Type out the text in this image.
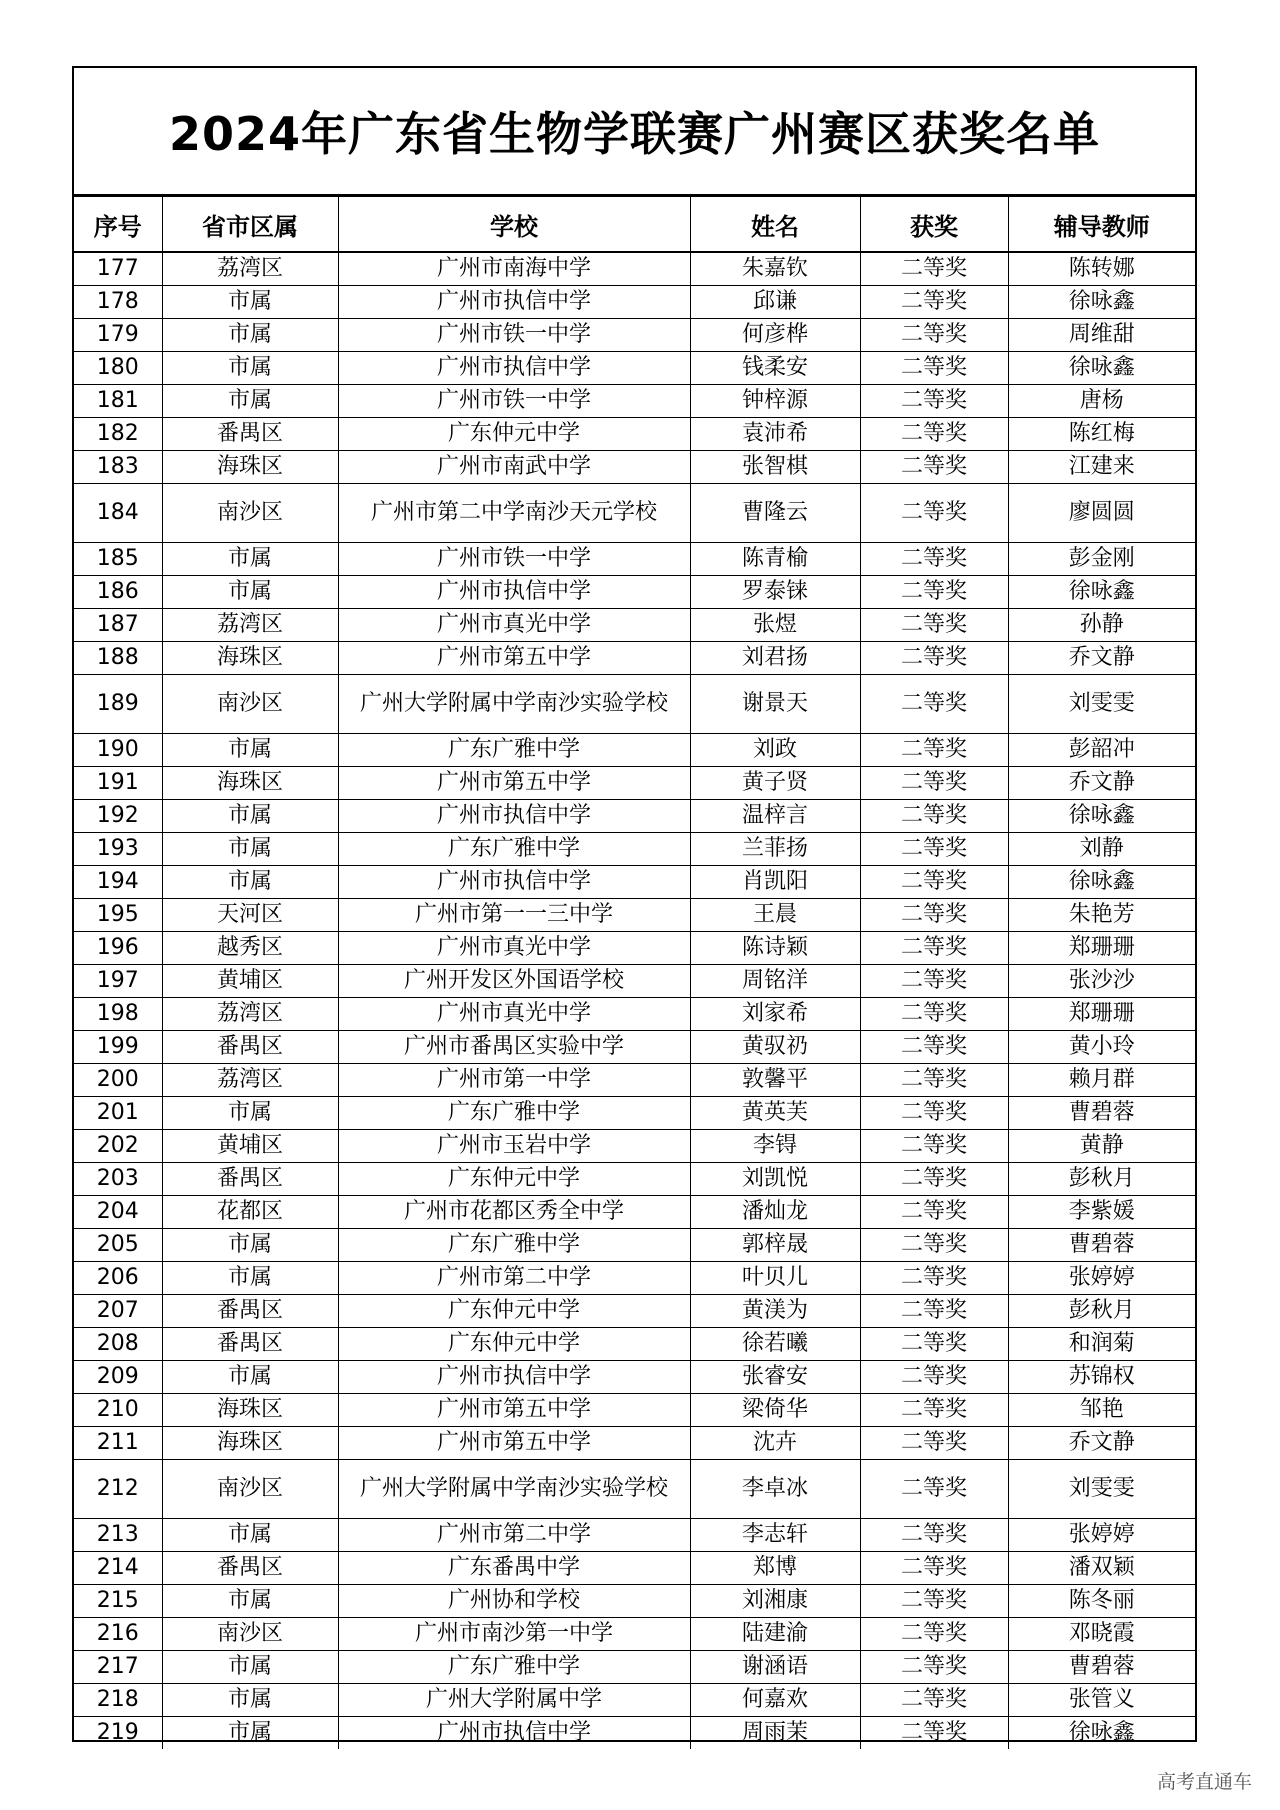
2024年广东省生物学联赛广州赛区获奖名单
序号	省市区属	学校	姓名	获奖	辅导教师
177	荔湾区	广州市南海中学	朱嘉钦	二等奖	陈转娜
178	市属	广州市执信中学	邱谦	二等奖	徐咏鑫
179	市属	广州市铁一中学	何彦桦	二等奖	周维甜
180	市属	广州市执信中学	钱柔安	二等奖	徐咏鑫
181	市属	广州市铁一中学	钟梓源	二等奖	唐杨
182	番禺区	广东仲元中学	袁沛希	二等奖	陈红梅
183	海珠区	广州市南武中学	张智棋	二等奖	江建来
184	南沙区	广州市第二中学南沙天元学校	曹隆云	二等奖	廖圆圆
185	市属	广州市铁一中学	陈青榆	二等奖	彭金刚
186	市属	广州市执信中学	罗泰铼	二等奖	徐咏鑫
187	荔湾区	广州市真光中学	张煜	二等奖	孙静
188	海珠区	广州市第五中学	刘君扬	二等奖	乔文静
189	南沙区	广州大学附属中学南沙实验学校	谢景天	二等奖	刘雯雯
190	市属	广东广雅中学	刘政	二等奖	彭韶冲
191	海珠区	广州市第五中学	黄子贤	二等奖	乔文静
192	市属	广州市执信中学	温梓言	二等奖	徐咏鑫
193	市属	广东广雅中学	兰菲扬	二等奖	刘静
194	市属	广州市执信中学	肖凯阳	二等奖	徐咏鑫
195	天河区	广州市第一一三中学	王晨	二等奖	朱艳芳
196	越秀区	广州市真光中学	陈诗颖	二等奖	郑珊珊
197	黄埔区	广州开发区外国语学校	周铭洋	二等奖	张沙沙
198	荔湾区	广州市真光中学	刘家希	二等奖	郑珊珊
199	番禺区	广州市番禺区实验中学	黄驭礽	二等奖	黄小玲
200	荔湾区	广州市第一中学	敦馨平	二等奖	赖月群
201	市属	广东广雅中学	黄英芙	二等奖	曹碧蓉
202	黄埔区	广州市玉岩中学	李锝	二等奖	黄静
203	番禺区	广东仲元中学	刘凯悦	二等奖	彭秋月
204	花都区	广州市花都区秀全中学	潘灿龙	二等奖	李紫媛
205	市属	广东广雅中学	郭梓晟	二等奖	曹碧蓉
206	市属	广州市第二中学	叶贝儿	二等奖	张婷婷
207	番禺区	广东仲元中学	黄渼为	二等奖	彭秋月
208	番禺区	广东仲元中学	徐若曦	二等奖	和润菊
209	市属	广州市执信中学	张睿安	二等奖	苏锦权
210	海珠区	广州市第五中学	梁倚华	二等奖	邹艳
211	海珠区	广州市第五中学	沈卉	二等奖	乔文静
212	南沙区	广州大学附属中学南沙实验学校	李卓冰	二等奖	刘雯雯
213	市属	广州市第二中学	李志轩	二等奖	张婷婷
214	番禺区	广东番禺中学	郑博	二等奖	潘双颖
215	市属	广州协和学校	刘湘康	二等奖	陈冬丽
216	南沙区	广州市南沙第一中学	陆建渝	二等奖	邓晓霞
217	市属	广东广雅中学	谢涵语	二等奖	曹碧蓉
218	市属	广州大学附属中学	何嘉欢	二等奖	张管义
219	市属	广州市执信中学	周雨茉	二等奖	徐咏鑫
高考直通车
